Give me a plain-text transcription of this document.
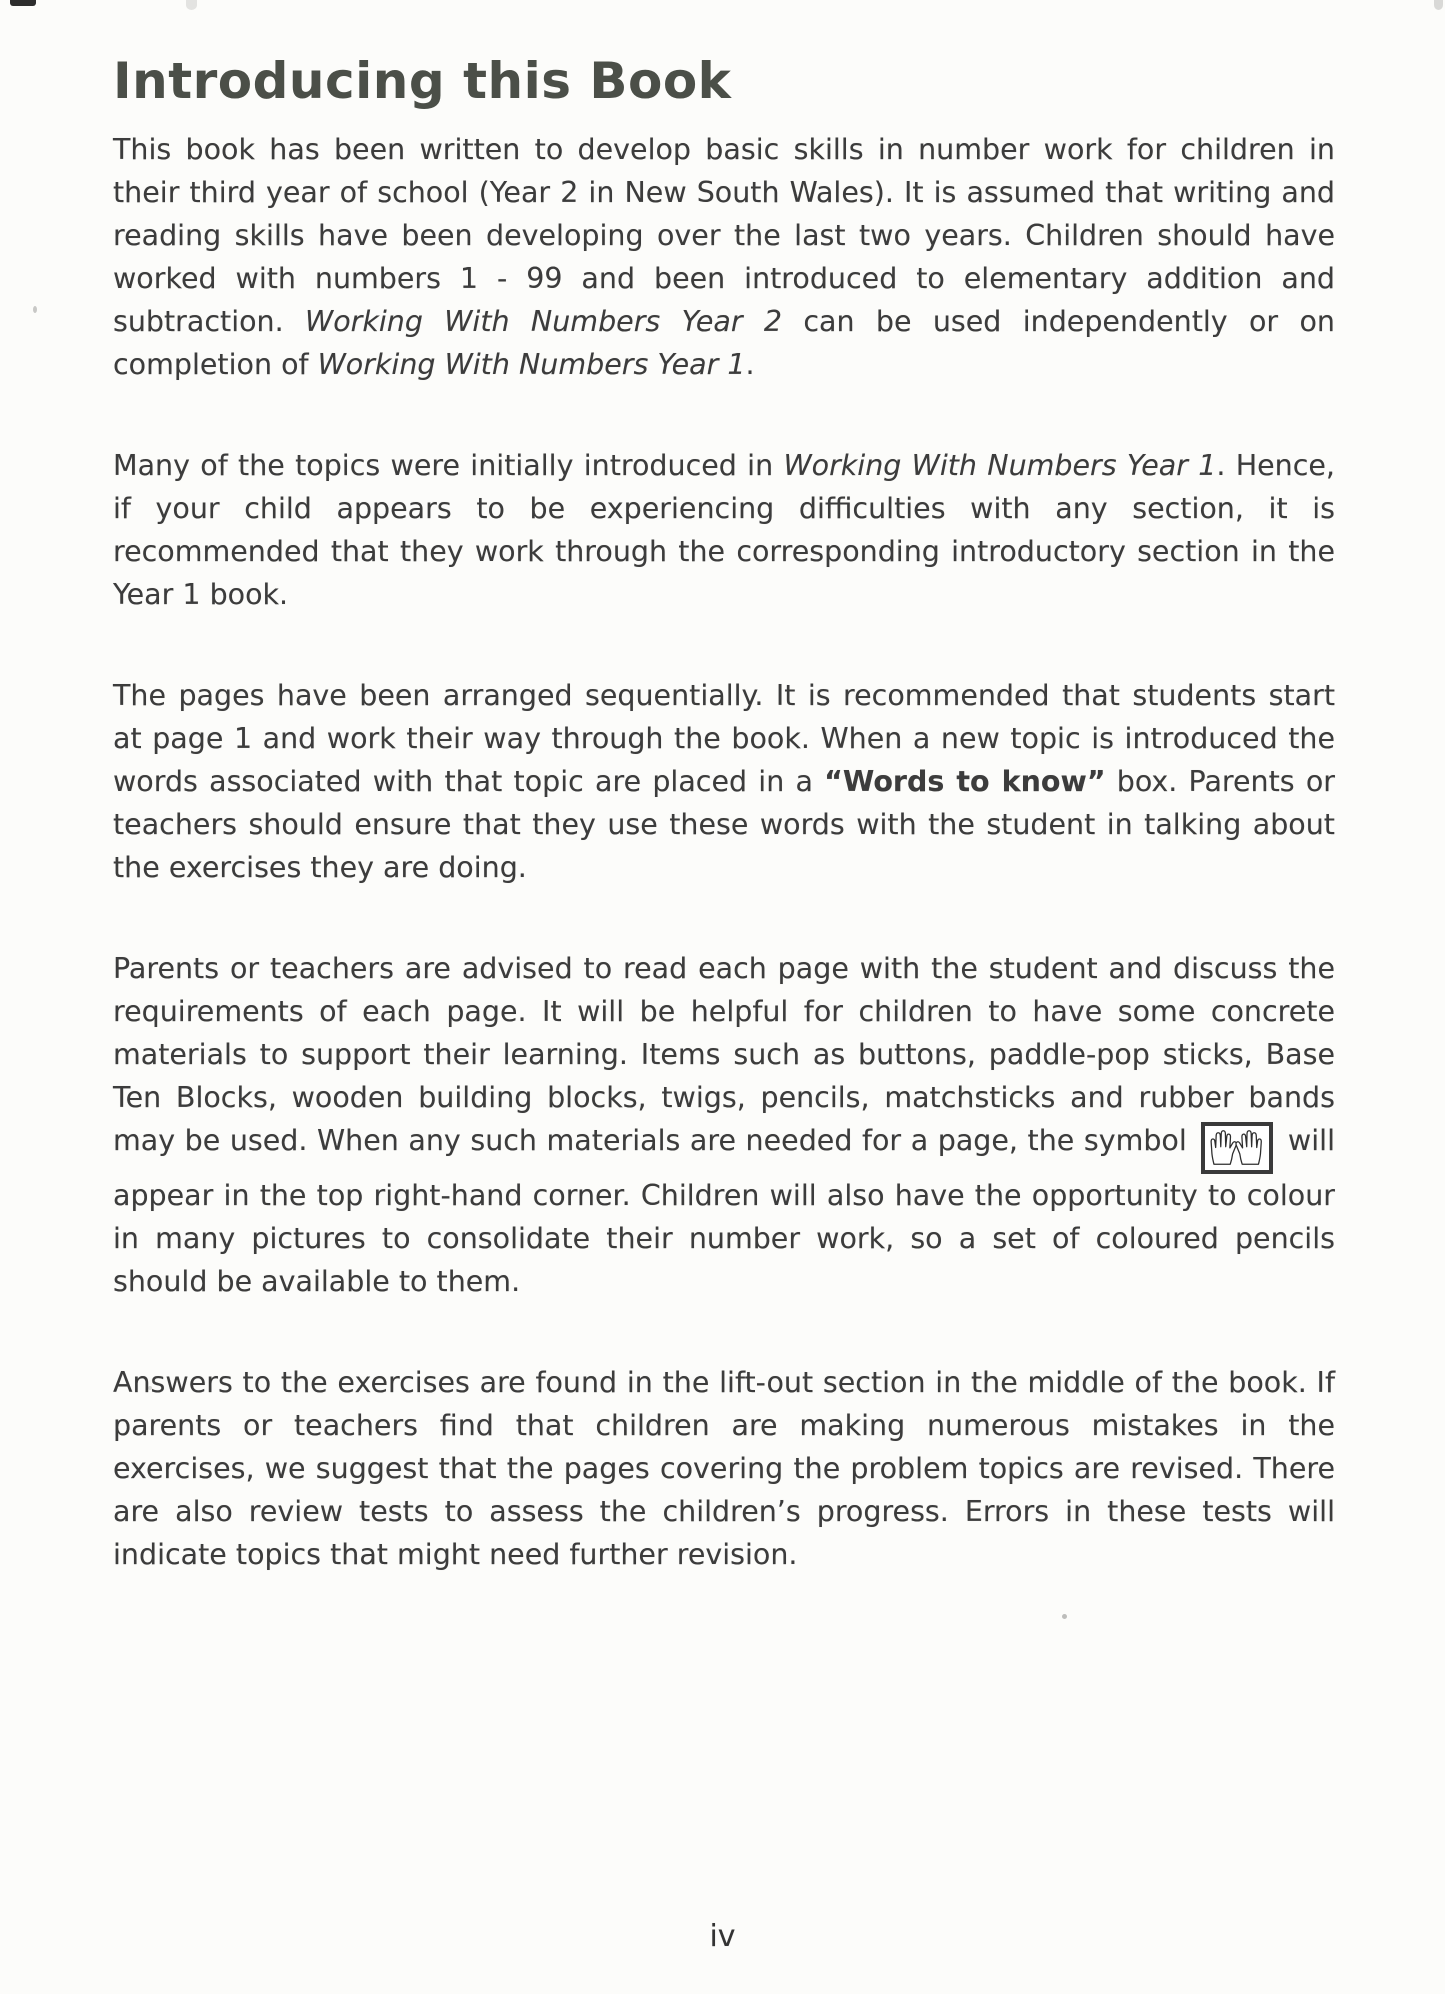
Introducing this Book

This book has been written to develop basic skills in number work for children in their third year of school (Year 2 in New South Wales). It is assumed that writing and reading skills have been developing over the last two years. Children should have worked with numbers 1 - 99 and been introduced to elementary addition and subtraction. Working With Numbers Year 2 can be used independently or on completion of Working With Numbers Year 1.

Many of the topics were initially introduced in Working With Numbers Year 1. Hence, if your child appears to be experiencing difficulties with any section, it is recommended that they work through the corresponding introductory section in the Year 1 book.

The pages have been arranged sequentially. It is recommended that students start at page 1 and work their way through the book. When a new topic is introduced the words associated with that topic are placed in a “Words to know” box. Parents or teachers should ensure that they use these words with the student in talking about the exercises they are doing.

Parents or teachers are advised to read each page with the student and discuss the requirements of each page. It will be helpful for children to have some concrete materials to support their learning. Items such as buttons, paddle-pop sticks, Base Ten Blocks, wooden building blocks, twigs, pencils, matchsticks and rubber bands may be used. When any such materials are needed for a page, the symbol	will appear in the top right-hand corner. Children will also have the opportunity to colour in many pictures to consolidate their number work, so a set of coloured pencils should be available to them.

Answers to the exercises are found in the lift-out section in the middle of the book. If parents or teachers find that children are making numerous mistakes in the exercises, we suggest that the pages covering the problem topics are revised. There are also review tests to assess the children’s progress. Errors in these tests will indicate topics that might need further revision.

iv
